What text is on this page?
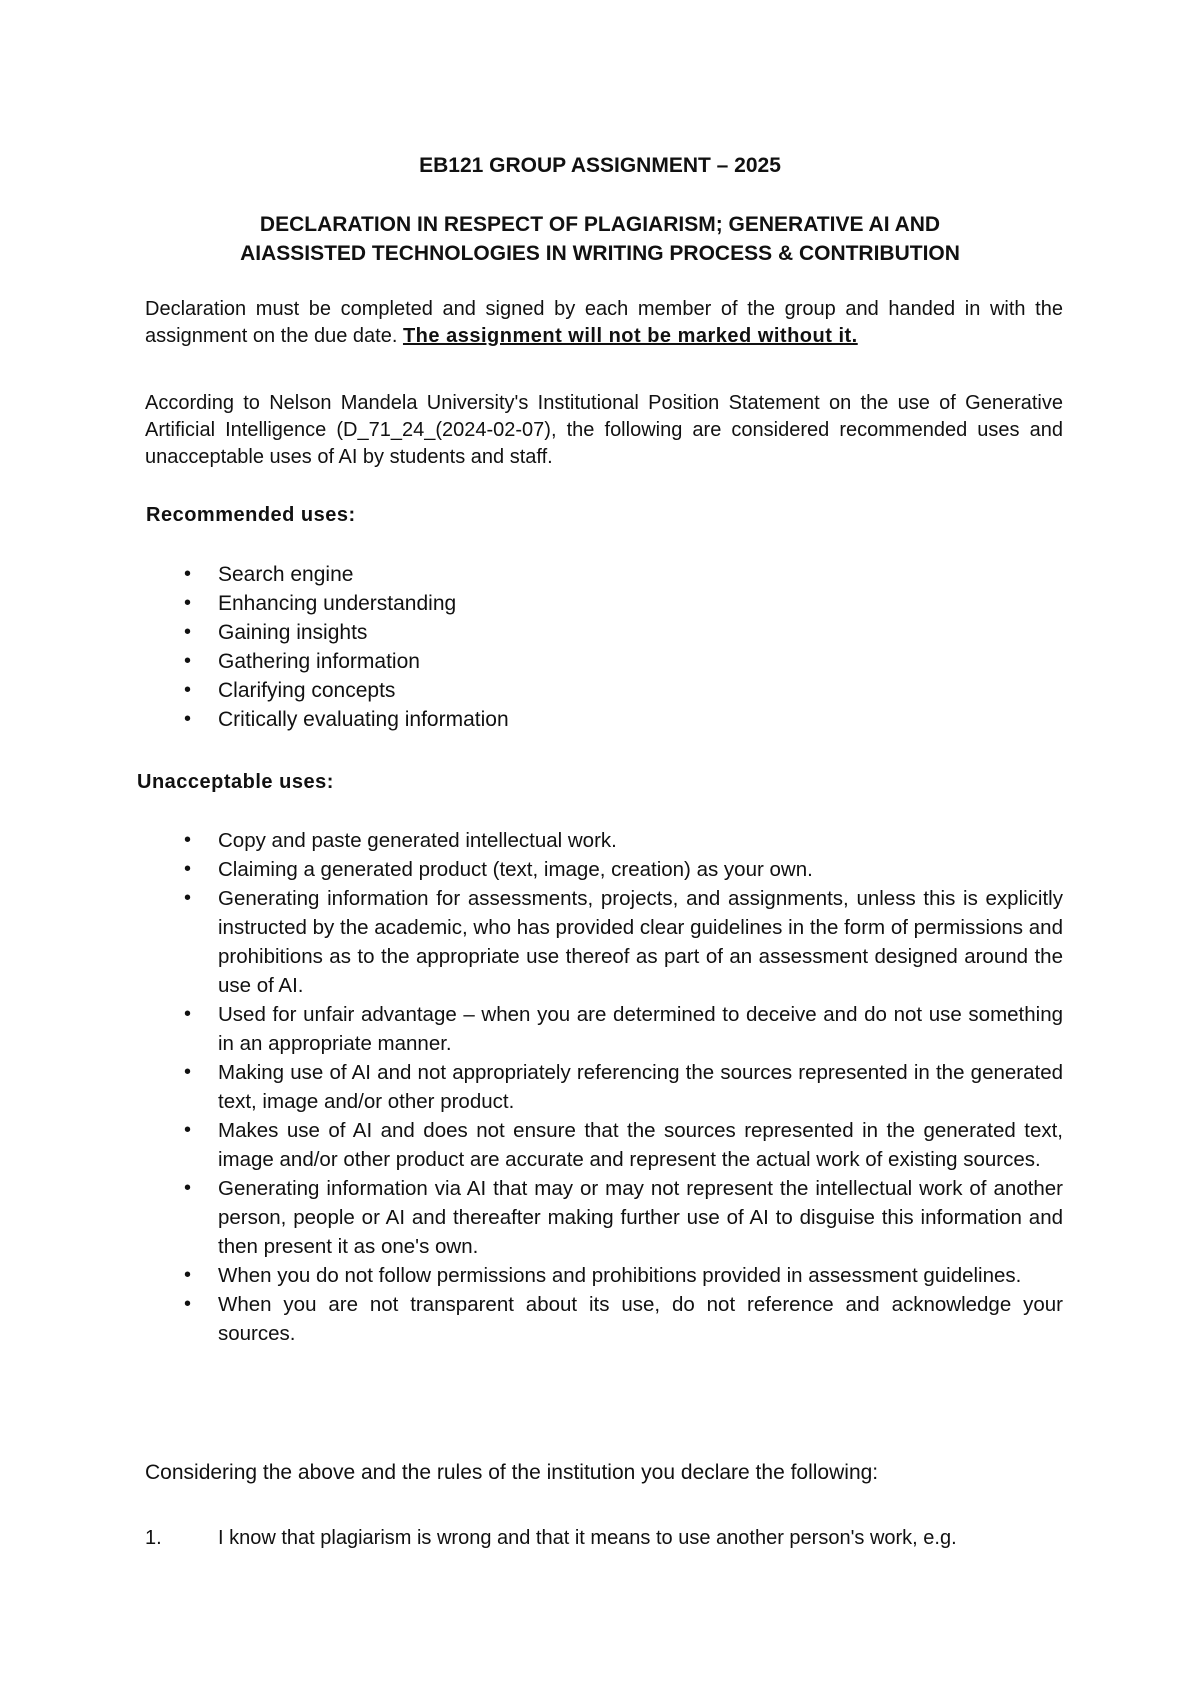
EB121 GROUP ASSIGNMENT – 2025
DECLARATION IN RESPECT OF PLAGIARISM; GENERATIVE AI AND
AIASSISTED TECHNOLOGIES IN WRITING PROCESS & CONTRIBUTION
Declaration must be completed and signed by each member of the group and handed in with the assignment on the due date. The assignment will not be marked without it.
According to Nelson Mandela University's Institutional Position Statement on the use of Generative Artificial Intelligence (D_71_24_(2024-02-07), the following are considered recommended uses and unacceptable uses of AI by students and staff.
Recommended uses:
• Search engine
• Enhancing understanding
• Gaining insights
• Gathering information
• Clarifying concepts
• Critically evaluating information
Unacceptable uses:
• Copy and paste generated intellectual work.
• Claiming a generated product (text, image, creation) as your own.
• Generating information for assessments, projects, and assignments, unless this is explicitly instructed by the academic, who has provided clear guidelines in the form of permissions and prohibitions as to the appropriate use thereof as part of an assessment designed around the use of AI.
• Used for unfair advantage – when you are determined to deceive and do not use something in an appropriate manner.
• Making use of AI and not appropriately referencing the sources represented in the generated text, image and/or other product.
• Makes use of AI and does not ensure that the sources represented in the generated text, image and/or other product are accurate and represent the actual work of existing sources.
• Generating information via AI that may or may not represent the intellectual work of another person, people or AI and thereafter making further use of AI to disguise this information and then present it as one's own.
• When you do not follow permissions and prohibitions provided in assessment guidelines.
• When you are not transparent about its use, do not reference and acknowledge your sources.
Considering the above and the rules of the institution you declare the following:
1.	I know that plagiarism is wrong and that it means to use another person's work, e.g.
